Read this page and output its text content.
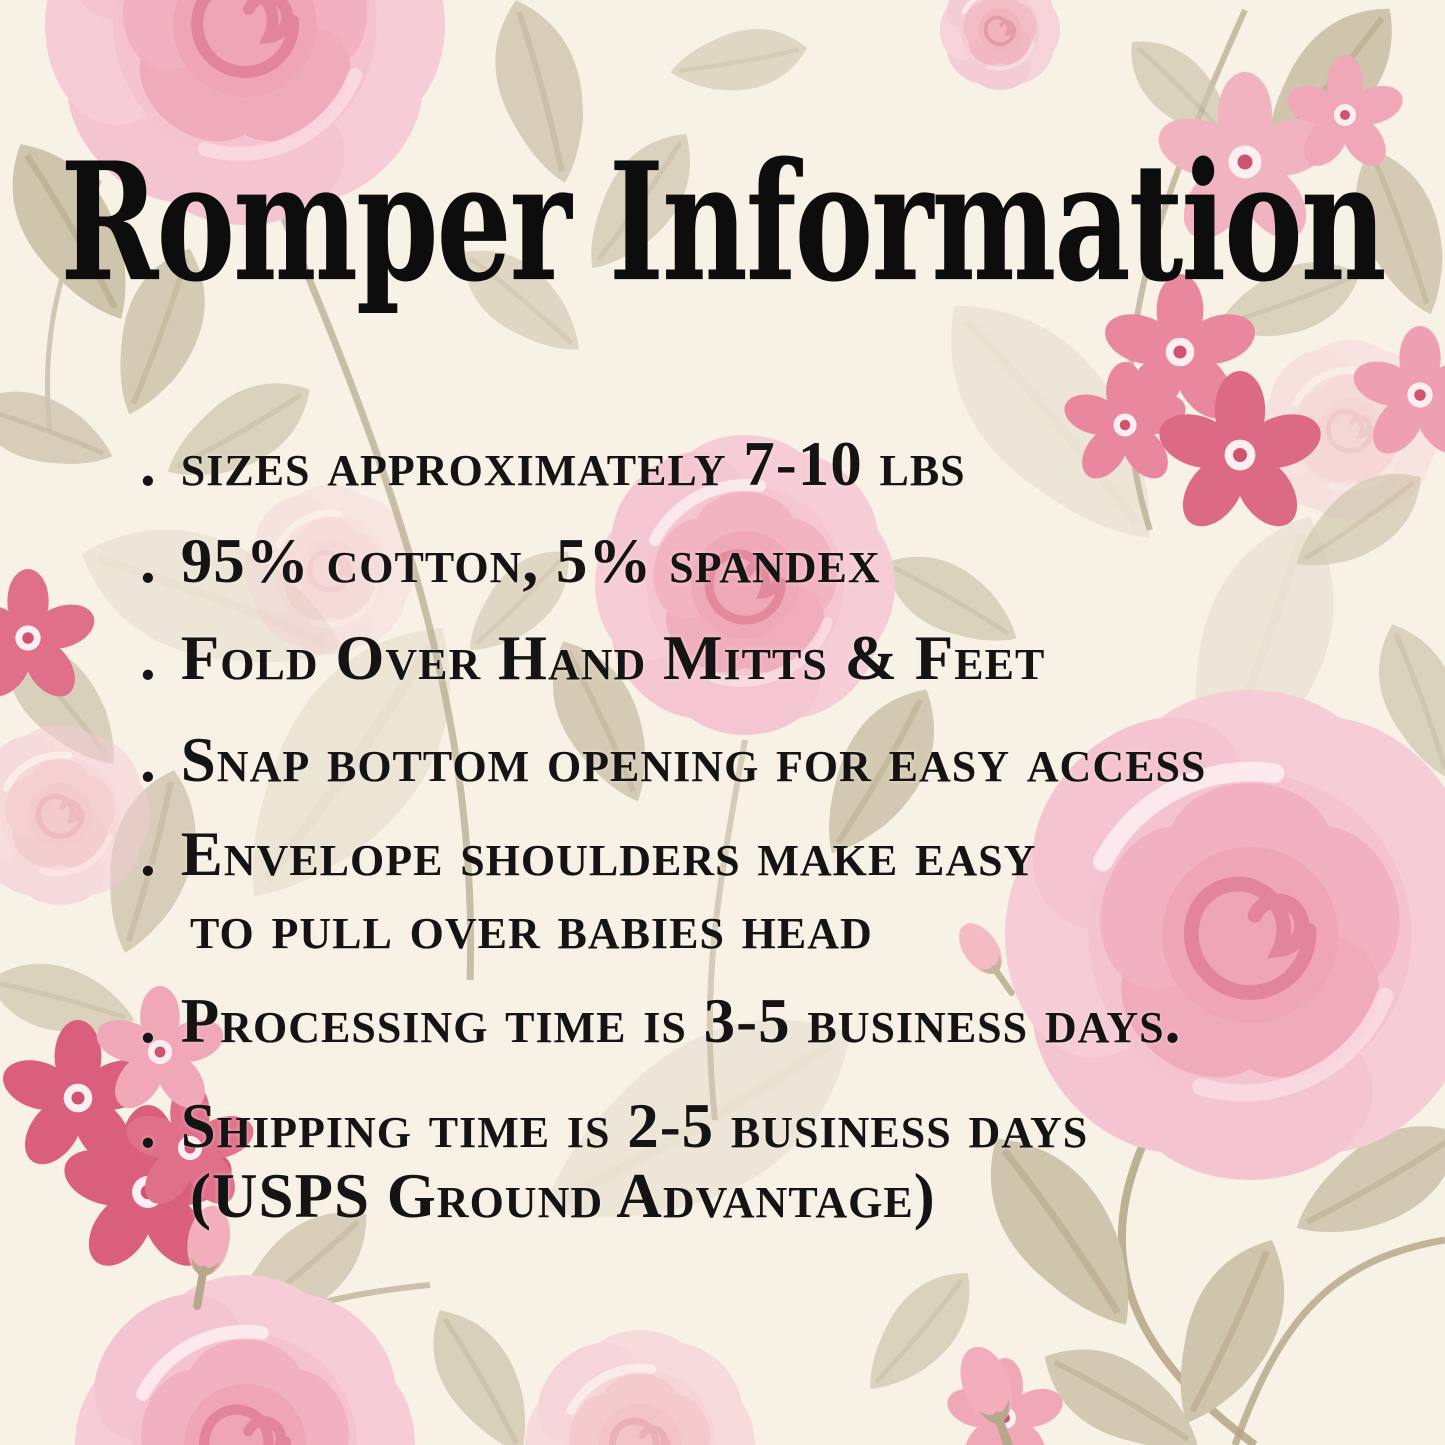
Romper Information
. sizes approximately 7-10 lbs
. 95% cotton, 5% spandex
. Fold Over Hand Mitts & Feet
. Snap bottom opening for easy access
. Envelope shoulders make easy
to pull over babies head
. Processing time is 3-5 business days.
. Shipping time is 2-5 business days
(USPS Ground Advantage)
